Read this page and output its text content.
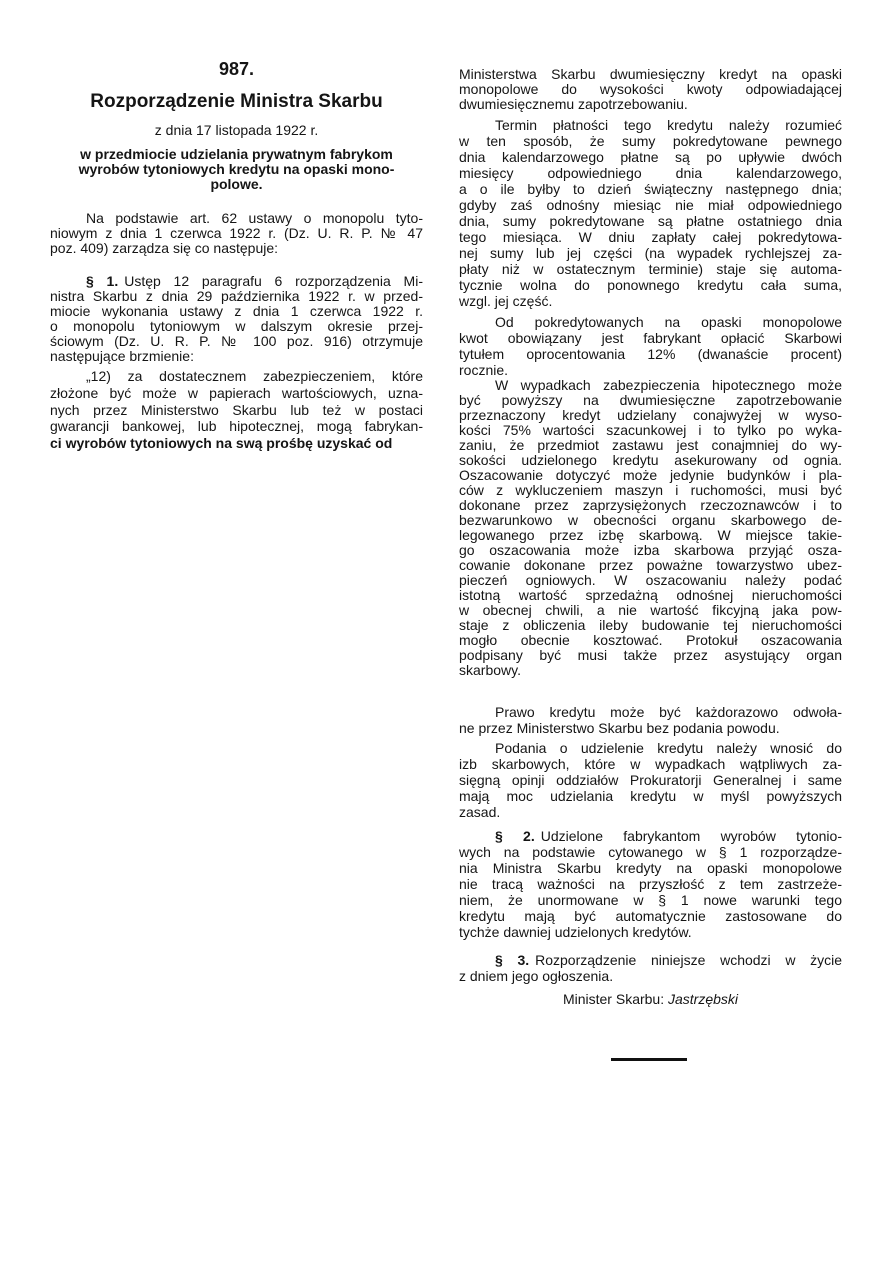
987.
Rozporządzenie Ministra Skarbu
z dnia 17 listopada 1922 r.
w przedmiocie udzielania prywatnym fabrykom
wyrobów tytoniowych kredytu na opaski mono-
polowe.
Na podstawie art. 62 ustawy o monopolu tyto-
niowym z dnia 1 czerwca 1922 r. (Dz. U. R. P. № 47
poz. 409) zarządza się co następuje:
§ 1. Ustęp 12 paragrafu 6 rozporządzenia Mi-
nistra Skarbu z dnia 29 października 1922 r. w przed-
miocie wykonania ustawy z dnia 1 czerwca 1922 r.
o monopolu tytoniowym w dalszym okresie przej-
ściowym (Dz. U. R. P. № 100 poz. 916) otrzymuje
następujące brzmienie:
„12) za dostatecznem zabezpieczeniem, które
złożone być może w papierach wartościowych, uzna-
nych przez Ministerstwo Skarbu lub też w postaci
gwarancji bankowej, lub hipotecznej, mogą fabrykan-
ci wyrobów tytoniowych na swą prośbę uzyskać od
Ministerstwa Skarbu dwumiesięczny kredyt na opaski
monopolowe do wysokości kwoty odpowiadającej
dwumiesięcznemu zapotrzebowaniu.
Termin płatności tego kredytu należy rozumieć
w ten sposób, że sumy pokredytowane pewnego
dnia kalendarzowego płatne są po upływie dwóch
miesięcy odpowiedniego dnia kalendarzowego,
a o ile byłby to dzień świąteczny następnego dnia;
gdyby zaś odnośny miesiąc nie miał odpowiedniego
dnia, sumy pokredytowane są płatne ostatniego dnia
tego miesiąca. W dniu zapłaty całej pokredytowa-
nej sumy lub jej części (na wypadek rychlejszej za-
płaty niż w ostatecznym terminie) staje się automa-
tycznie wolna do ponownego kredytu cała suma,
wzgl. jej część.
Od pokredytowanych na opaski monopolowe
kwot obowiązany jest fabrykant opłacić Skarbowi
tytułem oprocentowania 12% (dwanaście procent)
rocznie.
W wypadkach zabezpieczenia hipotecznego może
być powyższy na dwumiesięczne zapotrzebowanie
przeznaczony kredyt udzielany conajwyżej w wyso-
kości 75% wartości szacunkowej i to tylko po wyka-
zaniu, że przedmiot zastawu jest conajmniej do wy-
sokości udzielonego kredytu asekurowany od ognia.
Oszacowanie dotyczyć może jedynie budynków i pla-
ców z wykluczeniem maszyn i ruchomości, musi być
dokonane przez zaprzysiężonych rzeczoznawców i to
bezwarunkowo w obecności organu skarbowego de-
legowanego przez izbę skarbową. W miejsce takie-
go oszacowania może izba skarbowa przyjąć osza-
cowanie dokonane przez poważne towarzystwo ubez-
pieczeń ogniowych. W oszacowaniu należy podać
istotną wartość sprzedażną odnośnej nieruchomości
w obecnej chwili, a nie wartość fikcyjną jaka pow-
staje z obliczenia ileby budowanie tej nieruchomości
mogło obecnie kosztować. Protokuł oszacowania
podpisany być musi także przez asystujący organ
skarbowy.
Prawo kredytu może być każdorazowo odwoła-
ne przez Ministerstwo Skarbu bez podania powodu.
Podania o udzielenie kredytu należy wnosić do
izb skarbowych, które w wypadkach wątpliwych za-
sięgną opinji oddziałów Prokuratorji Generalnej i same
mają moc udzielania kredytu w myśl powyższych
zasad.
§ 2. Udzielone fabrykantom wyrobów tytonio-
wych na podstawie cytowanego w § 1 rozporządze-
nia Ministra Skarbu kredyty na opaski monopolowe
nie tracą ważności na przyszłość z tem zastrzeże-
niem, że unormowane w § 1 nowe warunki tego
kredytu mają być automatycznie zastosowane do
tychże dawniej udzielonych kredytów.
§ 3. Rozporządzenie niniejsze wchodzi w życie
z dniem jego ogłoszenia.
Minister Skarbu: Jastrzębski
